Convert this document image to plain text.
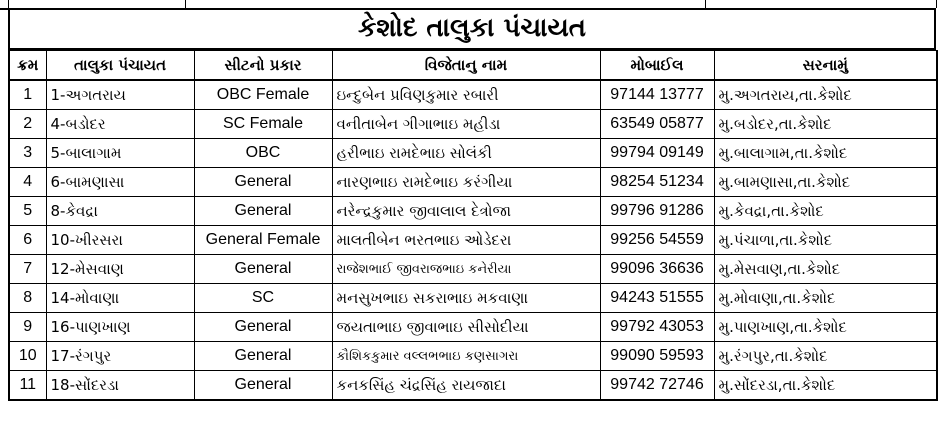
કેશોદ તાલુકા પંચાયત
ક્રમ	તાલુકા પંચાયત	સીટનો પ્રકાર	વિજેતાનુ નામ	મોબાઈલ	સરનામું
1	1-અગતરાય	OBC Female	ઇન્દુબેન પ્રવિણકુમાર રબારી	97144 13777	મુ.અગતરાય,તા.કેશોદ
2	4-બડોદર	SC Female	વનીતાબેન ગીગાભાઇ મહીડા	63549 05877	મુ.બડોદર,તા.કેશોદ
3	5-બાલાગામ	OBC	હરીભાઇ રામદેભાઇ સોલંકી	99794 09149	મુ.બાલાગામ,તા.કેશોદ
4	6-બામણાસા	General	નારણભાઇ રામદેભાઇ કરંગીયા	98254 51234	મુ.બામણાસા,તા.કેશોદ
5	8-કેવદ્રા	General	નરેન્દ્રકુમાર જીવાલાલ દેત્રોજા	99796 91286	મુ.કેવદ્રા,તા.કેશોદ
6	10-ખીરસરા	General Female	માલતીબેન ભરતભાઇ ઓડેદરા	99256 54559	મુ.પંચાળા,તા.કેશોદ
7	12-મેસવાણ	General	રાજેશભાઈ જીવરાજભાઇ કનેરીયા	99096 36636	મુ.મેસવાણ,તા.કેશોદ
8	14-મોવાણા	SC	મનસુખભાઇ સકરાભાઇ મકવાણા	94243 51555	મુ.મોવાણા,તા.કેશોદ
9	16-પાણખાણ	General	જયતાભાઇ જીવાભાઇ સીસોદીયા	99792 43053	મુ.પાણખાણ,તા.કેશોદ
10	17-રંગપુર	General	કૌશિકકુમાર વલ્લભભાઇ કણસાગરા	99090 59593	મુ.રંગપુર,તા.કેશોદ
11	18-સોંદરડા	General	કનકસિંહ ચંદ્રસિંહ રાયજાદા	99742 72746	મુ.સોંદરડા,તા.કેશોદ
